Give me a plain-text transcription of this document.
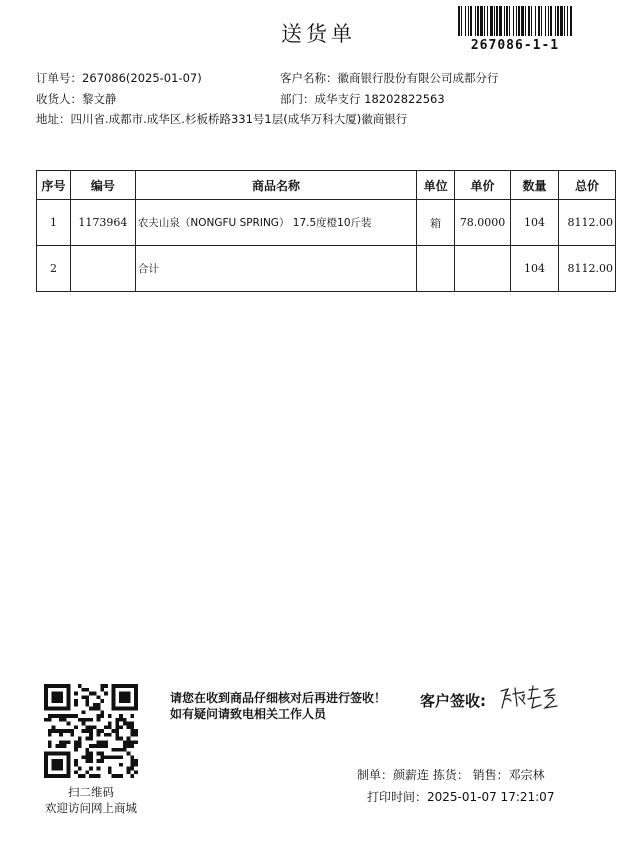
送货单	267086-1-1
订单号：267086(2025-01-07)	客户名称：徽商银行股份有限公司成都分行
收货人：黎文静	部门：成华支行 18202822563
地址：四川省.成都市.成华区.杉板桥路331号1层(成华万科大厦)徽商银行
序号	编号	商品名称	单位	单价	数量	总价
1	1173964	农夫山泉（NONGFU SPRING） 17.5度橙10斤装	箱	78.0000	104	8112.00
2		合计			104	8112.00
扫二维码
欢迎访问网上商城
请您在收到商品仔细核对后再进行签收！如有疑问请致电相关工作人员
客户签收:
制单：颜薪连 拣货： 销售：邓宗林
打印时间：2025-01-07 17:21:07
